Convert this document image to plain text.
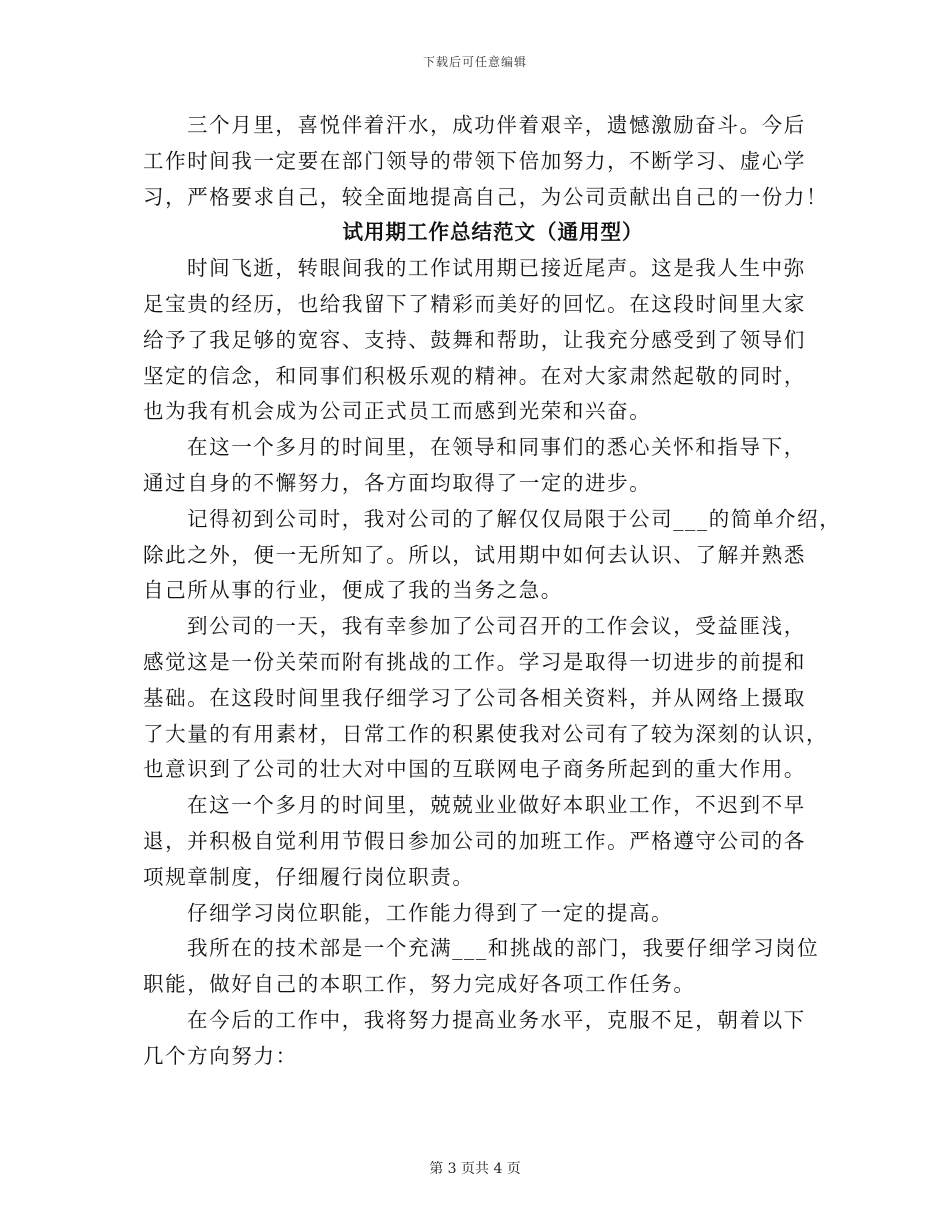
下载后可任意编辑
三个月里，喜悦伴着汗水，成功伴着艰辛，遗憾激励奋斗。今后
工作时间我一定要在部门领导的带领下倍加努力，不断学习、虚心学
习，严格要求自己，较全面地提高自己，为公司贡献出自己的一份力！
试用期工作总结范文（通用型）
时间飞逝，转眼间我的工作试用期已接近尾声。这是我人生中弥
足宝贵的经历，也给我留下了精彩而美好的回忆。在这段时间里大家
给予了我足够的宽容、支持、鼓舞和帮助，让我充分感受到了领导们
坚定的信念，和同事们积极乐观的精神。在对大家肃然起敬的同时，
也为我有机会成为公司正式员工而感到光荣和兴奋。
在这一个多月的时间里，在领导和同事们的悉心关怀和指导下，
通过自身的不懈努力，各方面均取得了一定的进步。
记得初到公司时，我对公司的了解仅仅局限于公司___的简单介绍，
除此之外，便一无所知了。所以，试用期中如何去认识、了解并熟悉
自己所从事的行业，便成了我的当务之急。
到公司的一天，我有幸参加了公司召开的工作会议，受益匪浅，
感觉这是一份关荣而附有挑战的工作。学习是取得一切进步的前提和
基础。在这段时间里我仔细学习了公司各相关资料，并从网络上摄取
了大量的有用素材，日常工作的积累使我对公司有了较为深刻的认识，
也意识到了公司的壮大对中国的互联网电子商务所起到的重大作用。
在这一个多月的时间里，兢兢业业做好本职业工作，不迟到不早
退，并积极自觉利用节假日参加公司的加班工作。严格遵守公司的各
项规章制度，仔细履行岗位职责。
仔细学习岗位职能，工作能力得到了一定的提高。
我所在的技术部是一个充满___和挑战的部门，我要仔细学习岗位
职能，做好自己的本职工作，努力完成好各项工作任务。
在今后的工作中，我将努力提高业务水平，克服不足，朝着以下
几个方向努力：
第 3 页共 4 页
